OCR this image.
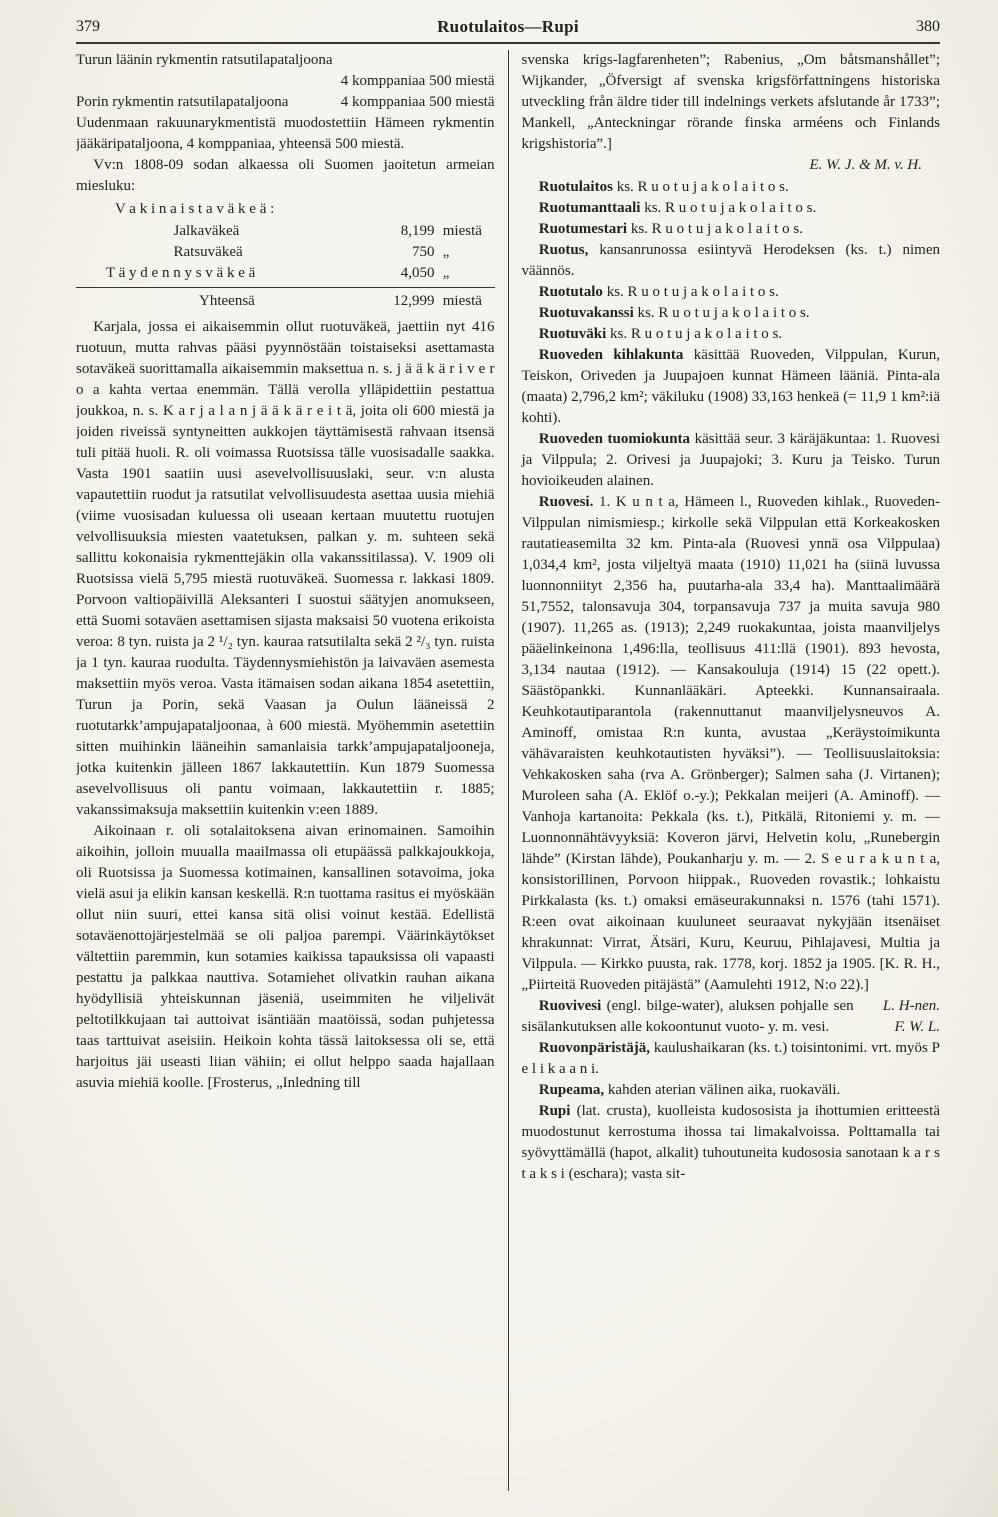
379	Ruotulaitos—Rupi	380
Turun läänin rykmentin ratsutilapataljoona
4 komppaniaa 500 miestä
Porin rykmentin ratsutilapataljoona	4 komppaniaa 500 miestä

Uudenmaan rakuunarykmentistä muodostettiin Hämeen rykmentin jääkäripataljoona, 4 komppaniaa, yhteensä 500 miestä.

Vv:n 1808-09 sodan alkaessa oli Suomen jaoitetun armeian miesluku:

V a k i n a i s t a v ä k e ä :
Jalkaväkeä	8,199 miestä
Ratsuväkeä	750 „
T ä y d e n n y s v ä k e ä	4,050 „
Yhteensä	12,999 miestä

Karjala, jossa ei aikaisemmin ollut ruotuväkeä, jaettiin nyt 416 ruotuun, mutta rahvas pääsi pyynnöstään toistaiseksi asettamasta sotaväkeä suorittamalla aikaisemmin maksettua n. s. j ä ä k ä r i v e r o a kahta vertaa enemmän. Tällä verolla ylläpidettiin pestattua joukkoa, n. s. K a r j a l a n j ä ä k ä r e i t ä, joita oli 600 miestä ja joiden riveissä syntyneitten aukkojen täyttämisestä rahvaan itsensä tuli pitää huoli. R. oli voimassa Ruotsissa tälle vuosisadalle saakka. Vasta 1901 saatiin uusi asevelvollisuuslaki, seur. v:n alusta vapautettiin ruodut ja ratsutilat velvollisuudesta asettaa uusia miehiä (viime vuosisadan kuluessa oli useaan kertaan muutettu ruotujen velvollisuuksia miesten vaatetuksen, palkan y. m. suhteen sekä sallittu kokonaisia rykmenttejäkin olla vakanssitilassa). V. 1909 oli Ruotsissa vielä 5,795 miestä ruotuväkeä. Suomessa r. lakkasi 1809. Porvoon valtiopäivillä Aleksanteri I suostui säätyjen anomukseen, että Suomi sotaväen asettamisen sijasta maksaisi 50 vuotena erikoista veroa: 8 tyn. ruista ja 2 ¹/₂ tyn. kauraa ratsutilalta sekä 2 ²/₃ tyn. ruista ja 1 tyn. kauraa ruodulta. Täydennysmiehistön ja laivaväen asemesta maksettiin myös veroa. Vasta itämaisen sodan aikana 1854 asetettiin, Turun ja Porin, sekä Vaasan ja Oulun lääneissä 2 ruotutarkk’ampujapataljoonaa, à 600 miestä. Myöhemmin asetettiin sitten muihinkin lääneihin samanlaisia tarkk’ampujapataljooneja, jotka kuitenkin jälleen 1867 lakkautettiin. Kun 1879 Suomessa asevelvollisuus oli pantu voimaan, lakkautettiin r. 1885; vakanssimaksuja maksettiin kuitenkin v:een 1889.

Aikoinaan r. oli sotalaitoksena aivan erinomainen. Samoihin aikoihin, jolloin muualla maailmassa oli etupäässä palkkajoukkoja, oli Ruotsissa ja Suomessa kotimainen, kansallinen sotavoima, joka vielä asui ja elikin kansan keskellä. R:n tuottama rasitus ei myöskään ollut niin suuri, ettei kansa sitä olisi voinut kestää. Edellistä sotaväenottojärjestelmää se oli paljoa parempi. Väärinkäytökset vältettiin paremmin, kun sotamies kaikissa tapauksissa oli vapaasti pestattu ja palkkaa nauttiva. Sotamiehet olivatkin rauhan aikana hyödyllisiä yhteiskunnan jäseniä, useimmiten he viljelivät peltotilkkujaan tai auttoivat isäntiään maatöissä, sodan puhjetessa taas tarttuivat aseisiin. Heikoin kohta tässä laitoksessa oli se, että harjoitus jäi useasti liian vähiin; ei ollut helppo saada hajallaan asuvia miehiä koolle. [Frosterus, „Inledning till

svenska krigs-lagfarenheten”; Rabenius, „Om båtsmanshållet”; Wijkander, „Öfversigt af svenska krigsförfattningens historiska utveckling från äldre tider till indelnings verkets afslutande år 1733”; Mankell, „Anteckningar rörande finska arméens och Finlands krigshistoria”.]

E. W. J. & M. v. H.

Ruotulaitos ks. R u o t u j a k o l a i t o s.

Ruotumanttaali ks. R u o t u j a k o l a i t o s.

Ruotumestari ks. R u o t u j a k o l a i t o s.

Ruotus, kansanrunossa esiintyvä Herodeksen (ks. t.) nimen väännös.

Ruotutalo ks. R u o t u j a k o l a i t o s.

Ruotuvakanssi ks. R u o t u j a k o l a i t o s.

Ruotuväki ks. R u o t u j a k o l a i t o s.

Ruoveden kihlakunta käsittää Ruoveden, Vilppulan, Kurun, Teiskon, Oriveden ja Juupajoen kunnat Hämeen lääniä. Pinta-ala (maata) 2,796,2 km²; väkiluku (1908) 33,163 henkeä (= 11,9 1 km²:iä kohti).

Ruoveden tuomiokunta käsittää seur. 3 käräjäkuntaa: 1. Ruovesi ja Vilppula; 2. Orivesi ja Juupajoki; 3. Kuru ja Teisko. Turun hovioikeuden alainen.

Ruovesi. 1. K u n t a, Hämeen l., Ruoveden kihlak., Ruoveden-Vilppulan nimismiesp.; kirkolle sekä Vilppulan että Korkeakosken rautatieasemilta 32 km. Pinta-ala (Ruovesi ynnä osa Vilppulaa) 1,034,4 km², josta viljeltyä maata (1910) 11,021 ha (siinä luvussa luonnonniityt 2,356 ha, puutarha-ala 33,4 ha). Manttaalimäärä 51,7552, talonsavuja 304, torpansavuja 737 ja muita savuja 980 (1907). 11,265 as. (1913); 2,249 ruokakuntaa, joista maanviljelys pääelinkeinona 1,496:lla, teollisuus 411:llä (1901). 893 hevosta, 3,134 nautaa (1912). — Kansakouluja (1914) 15 (22 opett.). Säästöpankki. Kunnanlääkäri. Apteekki. Kunnansairaala. Keuhkotautiparantola (rakennuttanut maanviljelysneuvos A. Aminoff, omistaa R:n kunta, avustaa „Keräystoimikunta vähävaraisten keuhkotautisten hyväksi”). — Teollisuuslaitoksia: Vehkakosken saha (rva A. Grönberger); Salmen saha (J. Virtanen); Muroleen saha (A. Eklöf o.-y.); Pekkalan meijeri (A. Aminoff). — Vanhoja kartanoita: Pekkala (ks. t.), Pitkälä, Ritoniemi y. m. — Luonnonnähtävyyksiä: Koveron järvi, Helvetin kolu, „Runebergin lähde” (Kirstan lähde), Poukanharju y. m. — 2. S e u r a k u n t a, konsistorillinen, Porvoon hiippak., Ruoveden rovastik.; lohkaistu Pirkkalasta (ks. t.) omaksi emäseurakunnaksi n. 1576 (tahi 1571). R:een ovat aikoinaan kuuluneet seuraavat nykyjään itsenäiset khrakunnat: Virrat, Ätsäri, Kuru, Keuruu, Pihlajavesi, Multia ja Vilppula. — Kirkko puusta, rak. 1778, korj. 1852 ja 1905. [K. R. H., „Piirteitä Ruoveden pitäjästä” (Aamulehti 1912, N:o 22).]
L. H-nen.

Ruovivesi (engl. bilge-water), aluksen pohjalle sen sisälankutuksen alle kokoontunut vuoto- y. m. vesi.	F. W. L.

Ruovonpäristäjä, kaulushaikaran (ks. t.) toisintonimi. vrt. myös P e l i k a a n i.

Rupeama, kahden aterian välinen aika, ruokaväli.

Rupi (lat. crusta), kuolleista kudososista ja ihottumien eritteestä muodostunut kerrostuma ihossa tai limakalvoissa. Polttamalla tai syövyttämällä (hapot, alkalit) tuhoutuneita kudososia sanotaan k a r s t a k s i (eschara); vasta sit-
